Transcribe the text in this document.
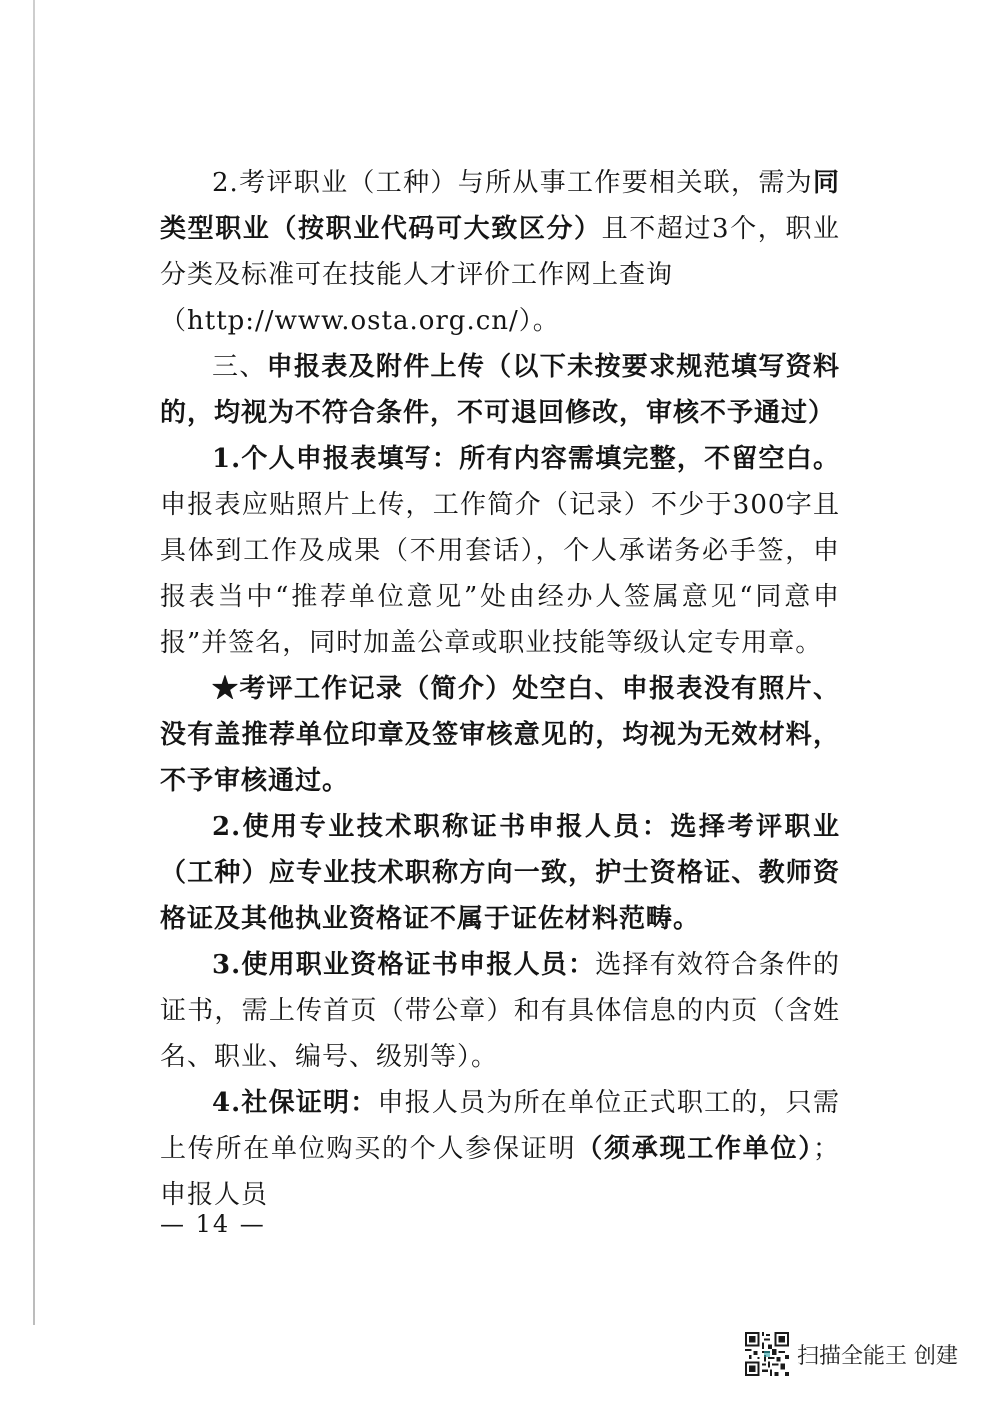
2.考评职业（工种）与所从事工作要相关联，需为同类型职业（按职业代码可大致区分）且不超过3个，职业分类及标准可在技能人才评价工作网上查询

（http://www.osta.org.cn/）。

三、申报表及附件上传（以下未按要求规范填写资料的，均视为不符合条件，不可退回修改，审核不予通过）

1.个人申报表填写：所有内容需填完整，不留空白。申报表应贴照片上传，工作简介（记录）不少于300字且具体到工作及成果（不用套话），个人承诺务必手签，申报表当中“推荐单位意见”处由经办人签属意见“同意申报”并签名，同时加盖公章或职业技能等级认定专用章。

★考评工作记录（简介）处空白、申报表没有照片、没有盖推荐单位印章及签审核意见的，均视为无效材料，不予审核通过。

2.使用专业技术职称证书申报人员：选择考评职业（工种）应专业技术职称方向一致，护士资格证、教师资格证及其他执业资格证不属于证佐材料范畴。

3.使用职业资格证书申报人员：选择有效符合条件的证书，需上传首页（带公章）和有具体信息的内页（含姓名、职业、编号、级别等）。

4.社保证明：申报人员为所在单位正式职工的，只需上传所在单位购买的个人参保证明（须承现工作单位）；申报人员

— 14 —
扫描全能王 创建
